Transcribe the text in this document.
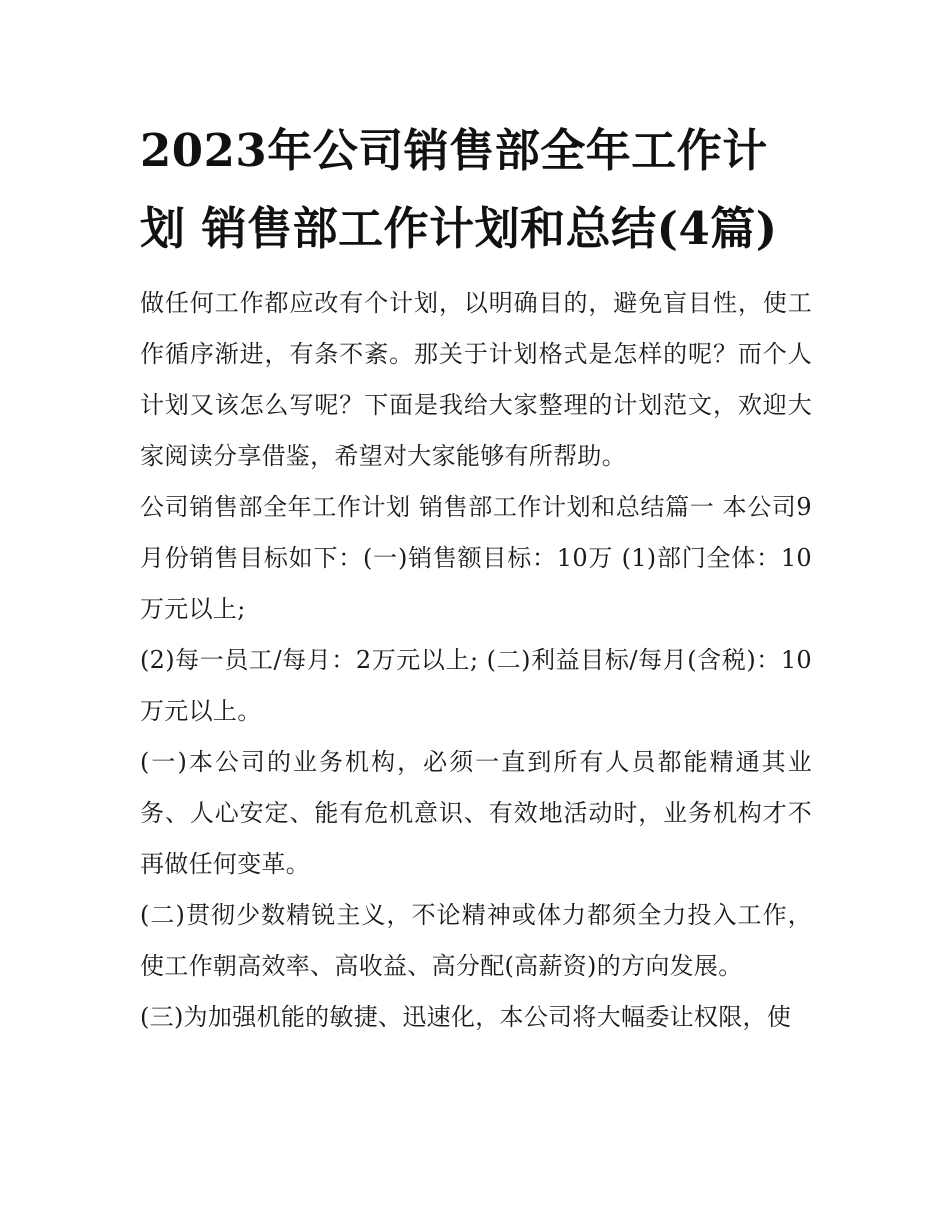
2023年公司销售部全年工作计划 销售部工作计划和总结(4篇)

做任何工作都应改有个计划，以明确目的，避免盲目性，使工作循序渐进，有条不紊。那关于计划格式是怎样的呢？而个人计划又该怎么写呢？下面是我给大家整理的计划范文，欢迎大家阅读分享借鉴，希望对大家能够有所帮助。

公司销售部全年工作计划 销售部工作计划和总结篇一 本公司9月份销售目标如下：(一)销售额目标：10万 (1)部门全体：10万元以上;

(2)每一员工/每月：2万元以上; (二)利益目标/每月(含税)：10万元以上。

(一)本公司的业务机构，必须一直到所有人员都能精通其业务、人心安定、能有危机意识、有效地活动时，业务机构才不再做任何变革。

(二)贯彻少数精锐主义，不论精神或体力都须全力投入工作，使工作朝高效率、高收益、高分配(高薪资)的方向发展。

(三)为加强机能的敏捷、迅速化，本公司将大幅委让权限，使
